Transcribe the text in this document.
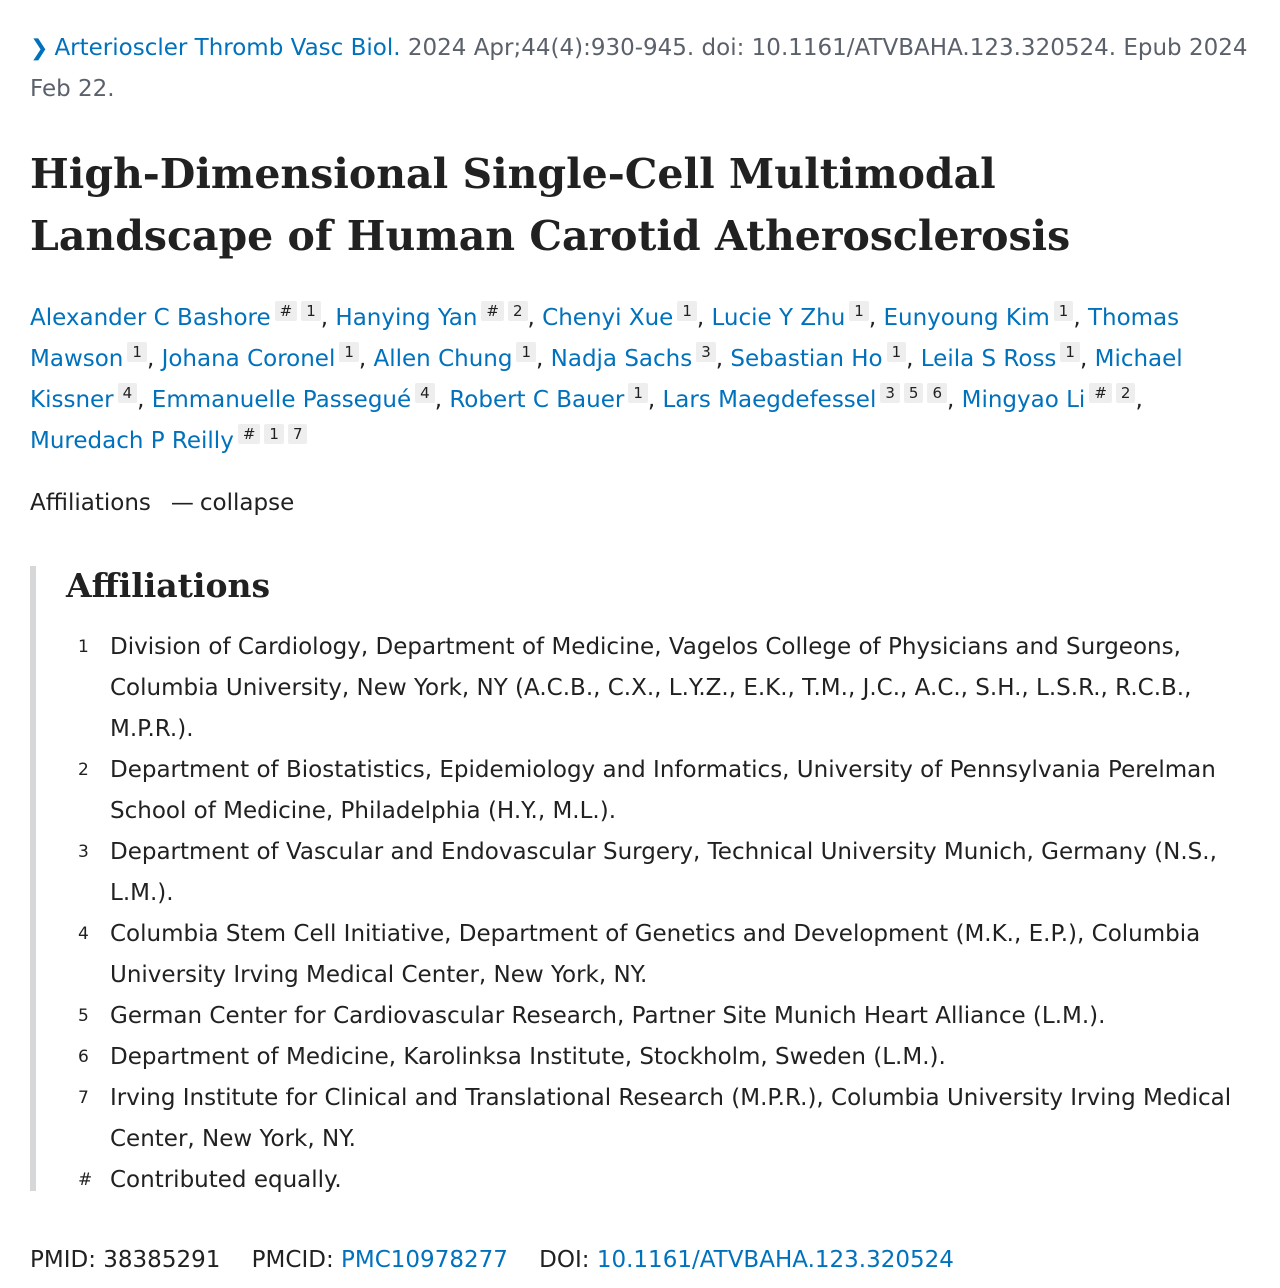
❯ Arterioscler Thromb Vasc Biol. 2024 Apr;44(4):930-945. doi: 10.1161/ATVBAHA.123.320524. Epub 2024 Feb 22.
High-Dimensional Single-Cell Multimodal Landscape of Human Carotid Atherosclerosis
Alexander C Bashore # 1 , Hanying Yan # 2 , Chenyi Xue 1 , Lucie Y Zhu 1 , Eunyoung Kim 1 , Thomas Mawson 1 , Johana Coronel 1 , Allen Chung 1 , Nadja Sachs 3 , Sebastian Ho 1 , Leila S Ross 1 , Michael Kissner 4 , Emmanuelle Passegué 4 , Robert C Bauer 1 , Lars Maegdefessel 3 5 6 , Mingyao Li # 2 , Muredach P Reilly # 1 7
Affiliations — collapse
Affiliations
1 Division of Cardiology, Department of Medicine, Vagelos College of Physicians and Surgeons, Columbia University, New York, NY (A.C.B., C.X., L.Y.Z., E.K., T.M., J.C., A.C., S.H., L.S.R., R.C.B., M.P.R.).
2 Department of Biostatistics, Epidemiology and Informatics, University of Pennsylvania Perelman School of Medicine, Philadelphia (H.Y., M.L.).
3 Department of Vascular and Endovascular Surgery, Technical University Munich, Germany (N.S., L.M.).
4 Columbia Stem Cell Initiative, Department of Genetics and Development (M.K., E.P.), Columbia University Irving Medical Center, New York, NY.
5 German Center for Cardiovascular Research, Partner Site Munich Heart Alliance (L.M.).
6 Department of Medicine, Karolinksa Institute, Stockholm, Sweden (L.M.).
7 Irving Institute for Clinical and Translational Research (M.P.R.), Columbia University Irving Medical Center, New York, NY.
# Contributed equally.
PMID: 38385291 PMCID: PMC10978277 DOI: 10.1161/ATVBAHA.123.320524
